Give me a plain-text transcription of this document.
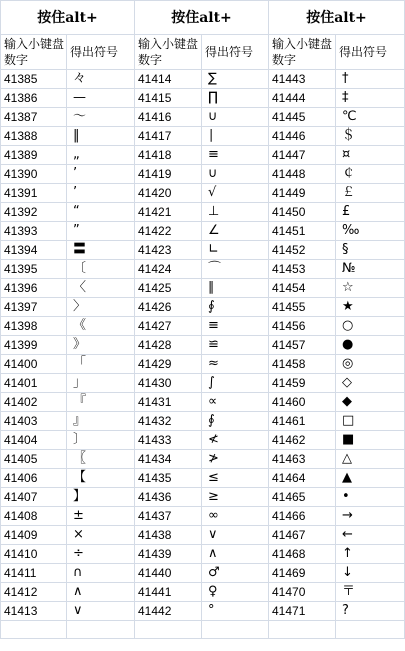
按住alt+		按住alt+		按住alt+	
输入小键盘数字	得出符号	输入小键盘数字	得出符号	输入小键盘数字	得出符号
41385	々	41414	∑	41443	†
41386	—	41415	∏	41444	‡
41387	～	41416	∪	41445	℃
41388	‖	41417	∣	41446	＄
41389	„	41418	≡	41447	¤
41390	’	41419	∪	41448	￠
41391	’	41420	√	41449	￡
41392	“	41421	⊥	41450	£
41393	”	41422	∠	41451	‰
41394	〓	41423	∟	41452	§
41395	〔	41424	⌒	41453	№
41396	〈	41425	∥	41454	☆
41397	〉	41426	∮	41455	★
41398	《	41427	≡	41456	○
41399	》	41428	≌	41457	●
41400	「	41429	≈	41458	◎
41401	」	41430	∫	41459	◇
41402	『	41431	∝	41460	◆
41403	』	41432	∮	41461	□
41404	〕	41433	≮	41462	■
41405	〖	41434	≯	41463	△
41406	【	41435	≤	41464	▲
41407	】	41436	≥	41465	•
41408	±	41437	∞	41466	→
41409	×	41438	∨	41467	←
41410	÷	41439	∧	41468	↑
41411	∩	41440	♂	41469	↓
41412	∧	41441	♀	41470	〒
41413	∨	41442	°	41471	?
